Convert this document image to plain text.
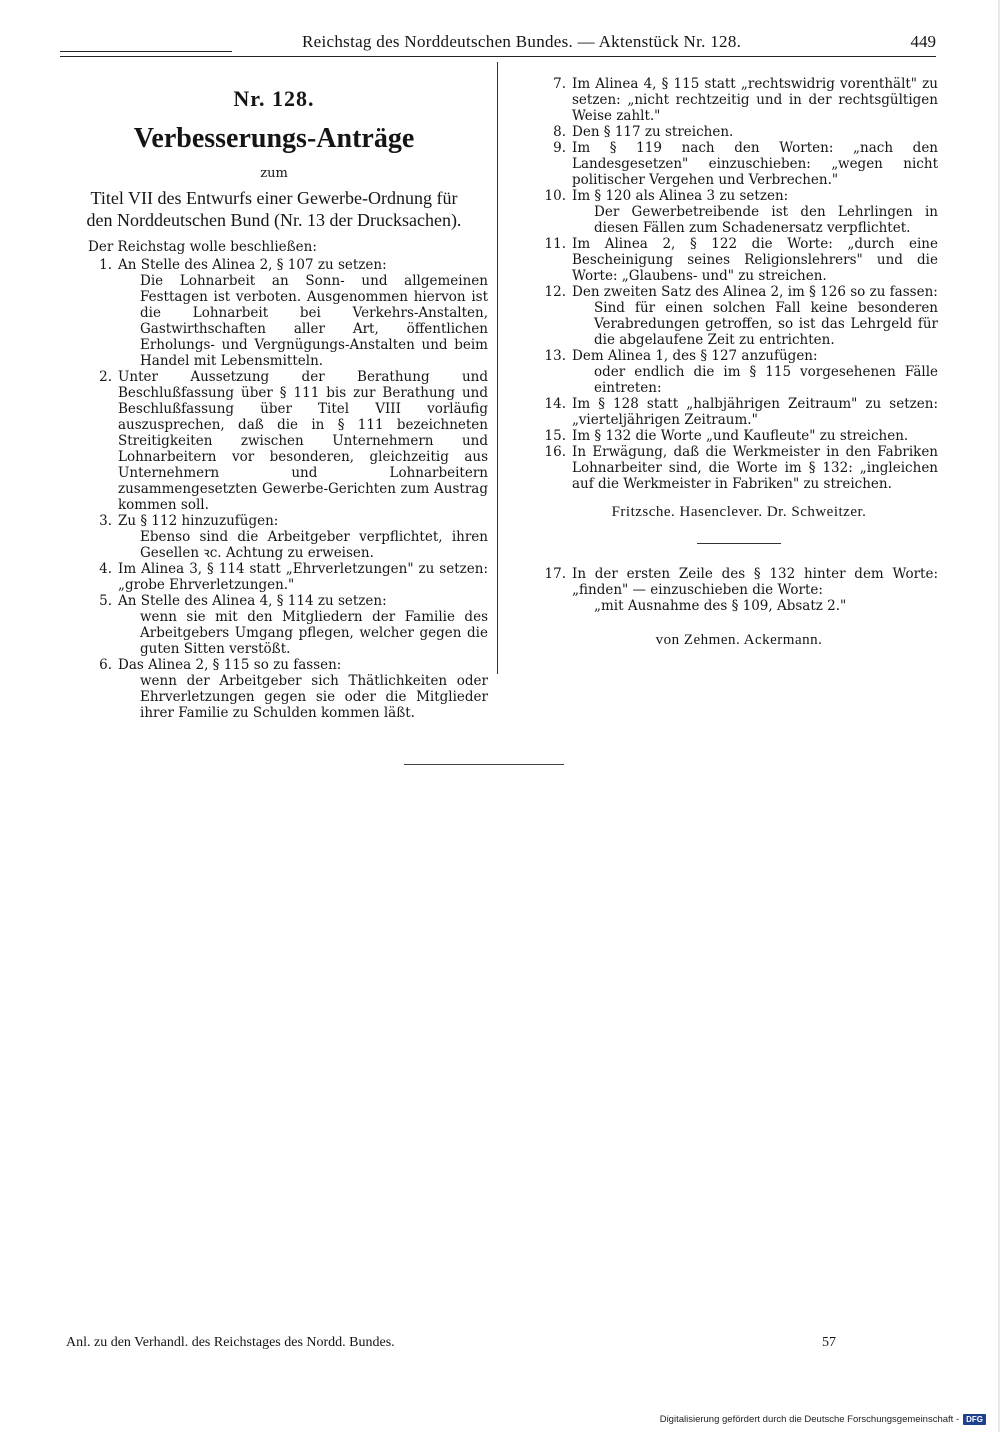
Reichstag des Norddeutschen Bundes. — Aktenstück Nr. 128.	449
Nr. 128.
Verbesserungs-Anträge
zum
Titel VII des Entwurfs einer Gewerbe-Ordnung für
den Norddeutschen Bund (Nr. 13 der Drucksachen).
Der Reichstag wolle beschließen:
1. An Stelle des Alinea 2, § 107 zu setzen:
Die Lohnarbeit an Sonn- und allgemeinen Festtagen ist verboten. Ausgenommen hiervon ist die Lohnarbeit bei Verkehrs-Anstalten, Gastwirthschaften aller Art, öffentlichen Erholungs- und Vergnügungs-Anstalten und beim Handel mit Lebensmitteln.
2. Unter Aussetzung der Berathung und Beschlußfassung über § 111 bis zur Berathung und Beschlußfassung über Titel VIII vorläufig auszusprechen, daß die in § 111 bezeichneten Streitigkeiten zwischen Unternehmern und Lohnarbeitern vor besonderen, gleichzeitig aus Unternehmern und Lohnarbeitern zusammengesetzten Gewerbe-Gerichten zum Austrag kommen soll.
3. Zu § 112 hinzuzufügen:
Ebenso sind die Arbeitgeber verpflichtet, ihren Gesellen ꝛc. Achtung zu erweisen.
4. Im Alinea 3, § 114 statt „Ehrverletzungen" zu setzen: „grobe Ehrverletzungen."
5. An Stelle des Alinea 4, § 114 zu setzen:
wenn sie mit den Mitgliedern der Familie des Arbeitgebers Umgang pflegen, welcher gegen die guten Sitten verstößt.
6. Das Alinea 2, § 115 so zu fassen:
wenn der Arbeitgeber sich Thätlichkeiten oder Ehrverletzungen gegen sie oder die Mitglieder ihrer Familie zu Schulden kommen läßt.
7. Im Alinea 4, § 115 statt „rechtswidrig vorenthält" zu setzen: „nicht rechtzeitig und in der rechtsgültigen Weise zahlt."
8. Den § 117 zu streichen.
9. Im § 119 nach den Worten: „nach den Landesgesetzen" einzuschieben: „wegen nicht politischer Vergehen und Verbrechen."
10. Im § 120 als Alinea 3 zu setzen:
Der Gewerbetreibende ist den Lehrlingen in diesen Fällen zum Schadenersatz verpflichtet.
11. Im Alinea 2, § 122 die Worte: „durch eine Bescheinigung seines Religionslehrers" und die Worte: „Glaubens- und" zu streichen.
12. Den zweiten Satz des Alinea 2, im § 126 so zu fassen:
Sind für einen solchen Fall keine besonderen Verabredungen getroffen, so ist das Lehrgeld für die abgelaufene Zeit zu entrichten.
13. Dem Alinea 1, des § 127 anzufügen:
oder endlich die im § 115 vorgesehenen Fälle eintreten:
14. Im § 128 statt „halbjährigen Zeitraum" zu setzen: „vierteljährigen Zeitraum."
15. Im § 132 die Worte „und Kaufleute" zu streichen.
16. In Erwägung, daß die Werkmeister in den Fabriken Lohnarbeiter sind, die Worte im § 132: „ingleichen auf die Werkmeister in Fabriken" zu streichen.
Fritzsche. Hasenclever. Dr. Schweitzer.
17. In der ersten Zeile des § 132 hinter dem Worte: „finden" — einzuschieben die Worte:
„mit Ausnahme des § 109, Absatz 2."
von Zehmen. Ackermann.
Anl. zu den Verhandl. des Reichstages des Nordd. Bundes.	57
Digitalisierung gefördert durch die Deutsche Forschungsgemeinschaft - DFG
